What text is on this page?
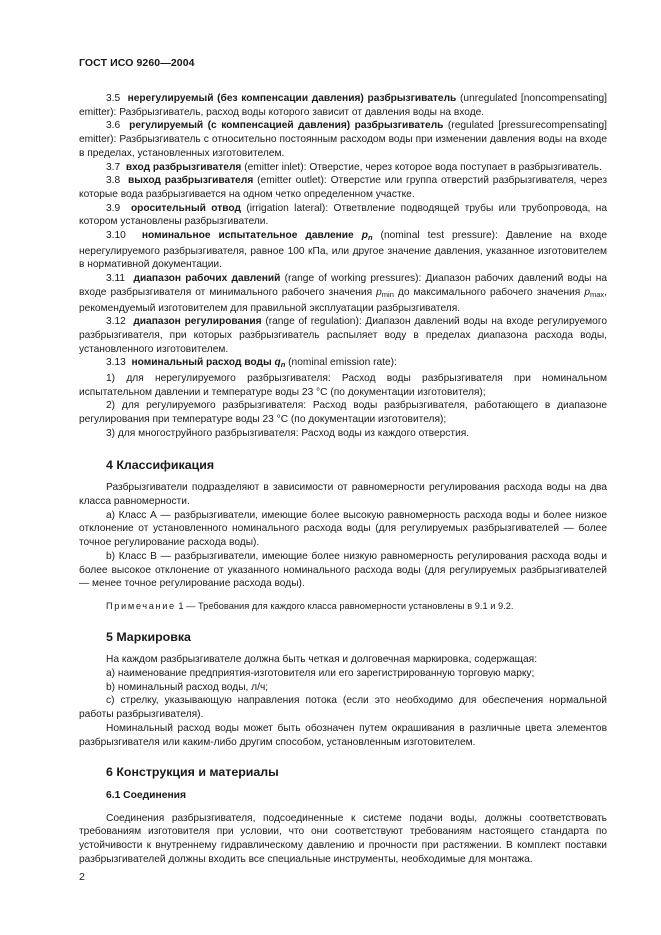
ГОСТ ИСО 9260—2004

3.5 нерегулируемый (без компенсации давления) разбрызгиватель (unregulated [noncompensating] emitter): Разбрызгиватель, расход воды которого зависит от давления воды на входе.

3.6 регулируемый (с компенсацией давления) разбрызгиватель (regulated [pressurecompensating] emitter): Разбрызгиватель с относительно постоянным расходом воды при изменении давления воды на входе в пределах, установленных изготовителем.

3.7 вход разбрызгивателя (emitter inlet): Отверстие, через которое вода поступает в разбрызгиватель.

3.8 выход разбрызгивателя (emitter outlet): Отверстие или группа отверстий разбрызгивателя, через которые вода разбрызгивается на одном четко определенном участке.

3.9 оросительный отвод (irrigation lateral): Ответвление подводящей трубы или трубопровода, на котором установлены разбрызгиватели.

3.10 номинальное испытательное давление $p_n$ (nominal test pressure): Давление на входе нерегулируемого разбрызгивателя, равное 100 кПа, или другое значение давления, указанное изготовителем в нормативной документации.

3.11 диапазон рабочих давлений (range of working pressures): Диапазон рабочих давлений воды на входе разбрызгивателя от минимального рабочего значения $p_{min}$ до максимального рабочего значения $p_{max}$, рекомендуемый изготовителем для правильной эксплуатации разбрызгивателя.

3.12 диапазон регулирования (range of regulation): Диапазон давлений воды на входе регулируемого разбрызгивателя, при которых разбрызгиватель распыляет воду в пределах диапазона расхода воды, установленного изготовителем.

3.13 номинальный расход воды $q_n$ (nominal emission rate):

1) для нерегулируемого разбрызгивателя: Расход воды разбрызгивателя при номинальном испытательном давлении и температуре воды 23 °С (по документации изготовителя);

2) для регулируемого разбрызгивателя: Расход воды разбрызгивателя, работающего в диапазоне регулирования при температуре воды 23 °С (по документации изготовителя);

3) для многоструйного разбрызгивателя: Расход воды из каждого отверстия.

4 Классификация

Разбрызгиватели подразделяют в зависимости от равномерности регулирования расхода воды на два класса равномерности.

а) Класс А — разбрызгиватели, имеющие более высокую равномерность расхода воды и более низкое отклонение от установленного номинального расхода воды (для регулируемых разбрызгивателей — более точное регулирование расхода воды).

b) Класс В — разбрызгиватели, имеющие более низкую равномерность регулирования расхода воды и более высокое отклонение от указанного номинального расхода воды (для регулируемых разбрызгивателей — менее точное регулирование расхода воды).

Примечание 1 — Требования для каждого класса равномерности установлены в 9.1 и 9.2.

5 Маркировка

На каждом разбрызгивателе должна быть четкая и долговечная маркировка, содержащая:

а) наименование предприятия-изготовителя или его зарегистрированную торговую марку;

b) номинальный расход воды, л/ч;

c) стрелку, указывающую направления потока (если это необходимо для обеспечения нормальной работы разбрызгивателя).

Номинальный расход воды может быть обозначен путем окрашивания в различные цвета элементов разбрызгивателя или каким-либо другим способом, установленным изготовителем.

6 Конструкция и материалы

6.1 Соединения

Соединения разбрызгивателя, подсоединенные к системе подачи воды, должны соответствовать требованиям изготовителя при условии, что они соответствуют требованиям настоящего стандарта по устойчивости к внутреннему гидравлическому давлению и прочности при растяжении. В комплект поставки разбрызгивателей должны входить все специальные инструменты, необходимые для монтажа.

2
